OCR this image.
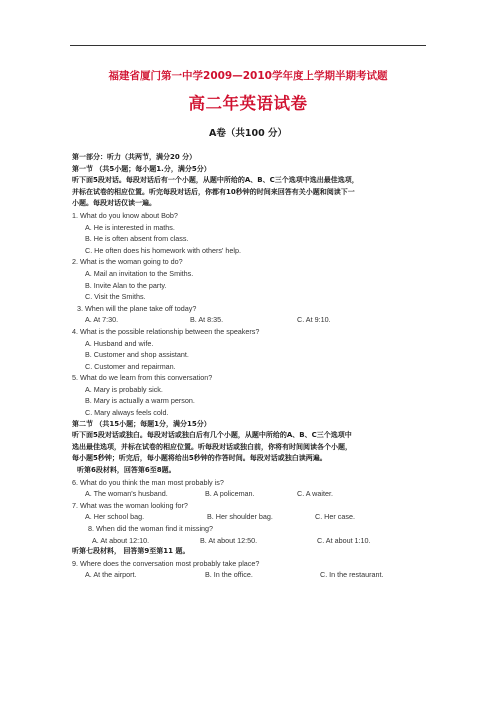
福建省厦门第一中学2009—2010学年度上学期半期考试题
高二年英语试卷
A卷（共100 分）
第一部分：听力（共两节，满分20 分）
第一节 （共5小题；每小题1.分，满分5分）
听下面5段对话。每段对话后有一个小题，从题中所给的A、B、C三个选项中选出最佳选项，
并标在试卷的相应位置。听完每段对话后，你都有10秒钟的时间来回答有关小题和阅读下一
小题。每段对话仅读一遍。
1. What do you know about Bob?
A. He is interested in maths.
B. He is often absent from class.
C. He often does his homework with others' help.
2. What is the woman going to do?
A. Mail an invitation to the Smiths.
B. Invite Alan to the party.
C. Visit the Smiths.
3. When will the plane take off today?
A. At 7:30.	B. At 8:35.	C. At 9:10.
4. What is the possible relationship between the speakers?
A. Husband and wife.
B. Customer and shop assistant.
C. Customer and repairman.
5. What do we learn from this conversation?
A. Mary is probably sick.
B. Mary is actually a warm person.
C. Mary always feels cold.
第二节 （共15小题；每题1分，满分15分）
听下面5段对话或独白。每段对话或独白后有几个小题，从题中所给的A、B、C三个选项中
选出最佳选项，并标在试卷的相应位置。听每段对话或独白前，你将有时间阅读各个小题，
每小题5秒钟；听完后，每小题将给出5秒钟的作答时间。每段对话或独白读两遍。
听第6段材料，回答第6至8题。
6. What do you think the man most probably is?
A. The woman's husband.	B. A policeman.	C. A waiter.
7. What was the woman looking for?
A. Her school bag.	B. Her shoulder bag.	C. Her case.
8. When did the woman find it missing?
A. At about 12:10.	B. At about 12:50.	C. At about 1:10.
听第七段材料， 回答第9至第11 题。
9. Where does the conversation most probably take place?
A. At the airport.	B. In the office.	C. In the restaurant.
